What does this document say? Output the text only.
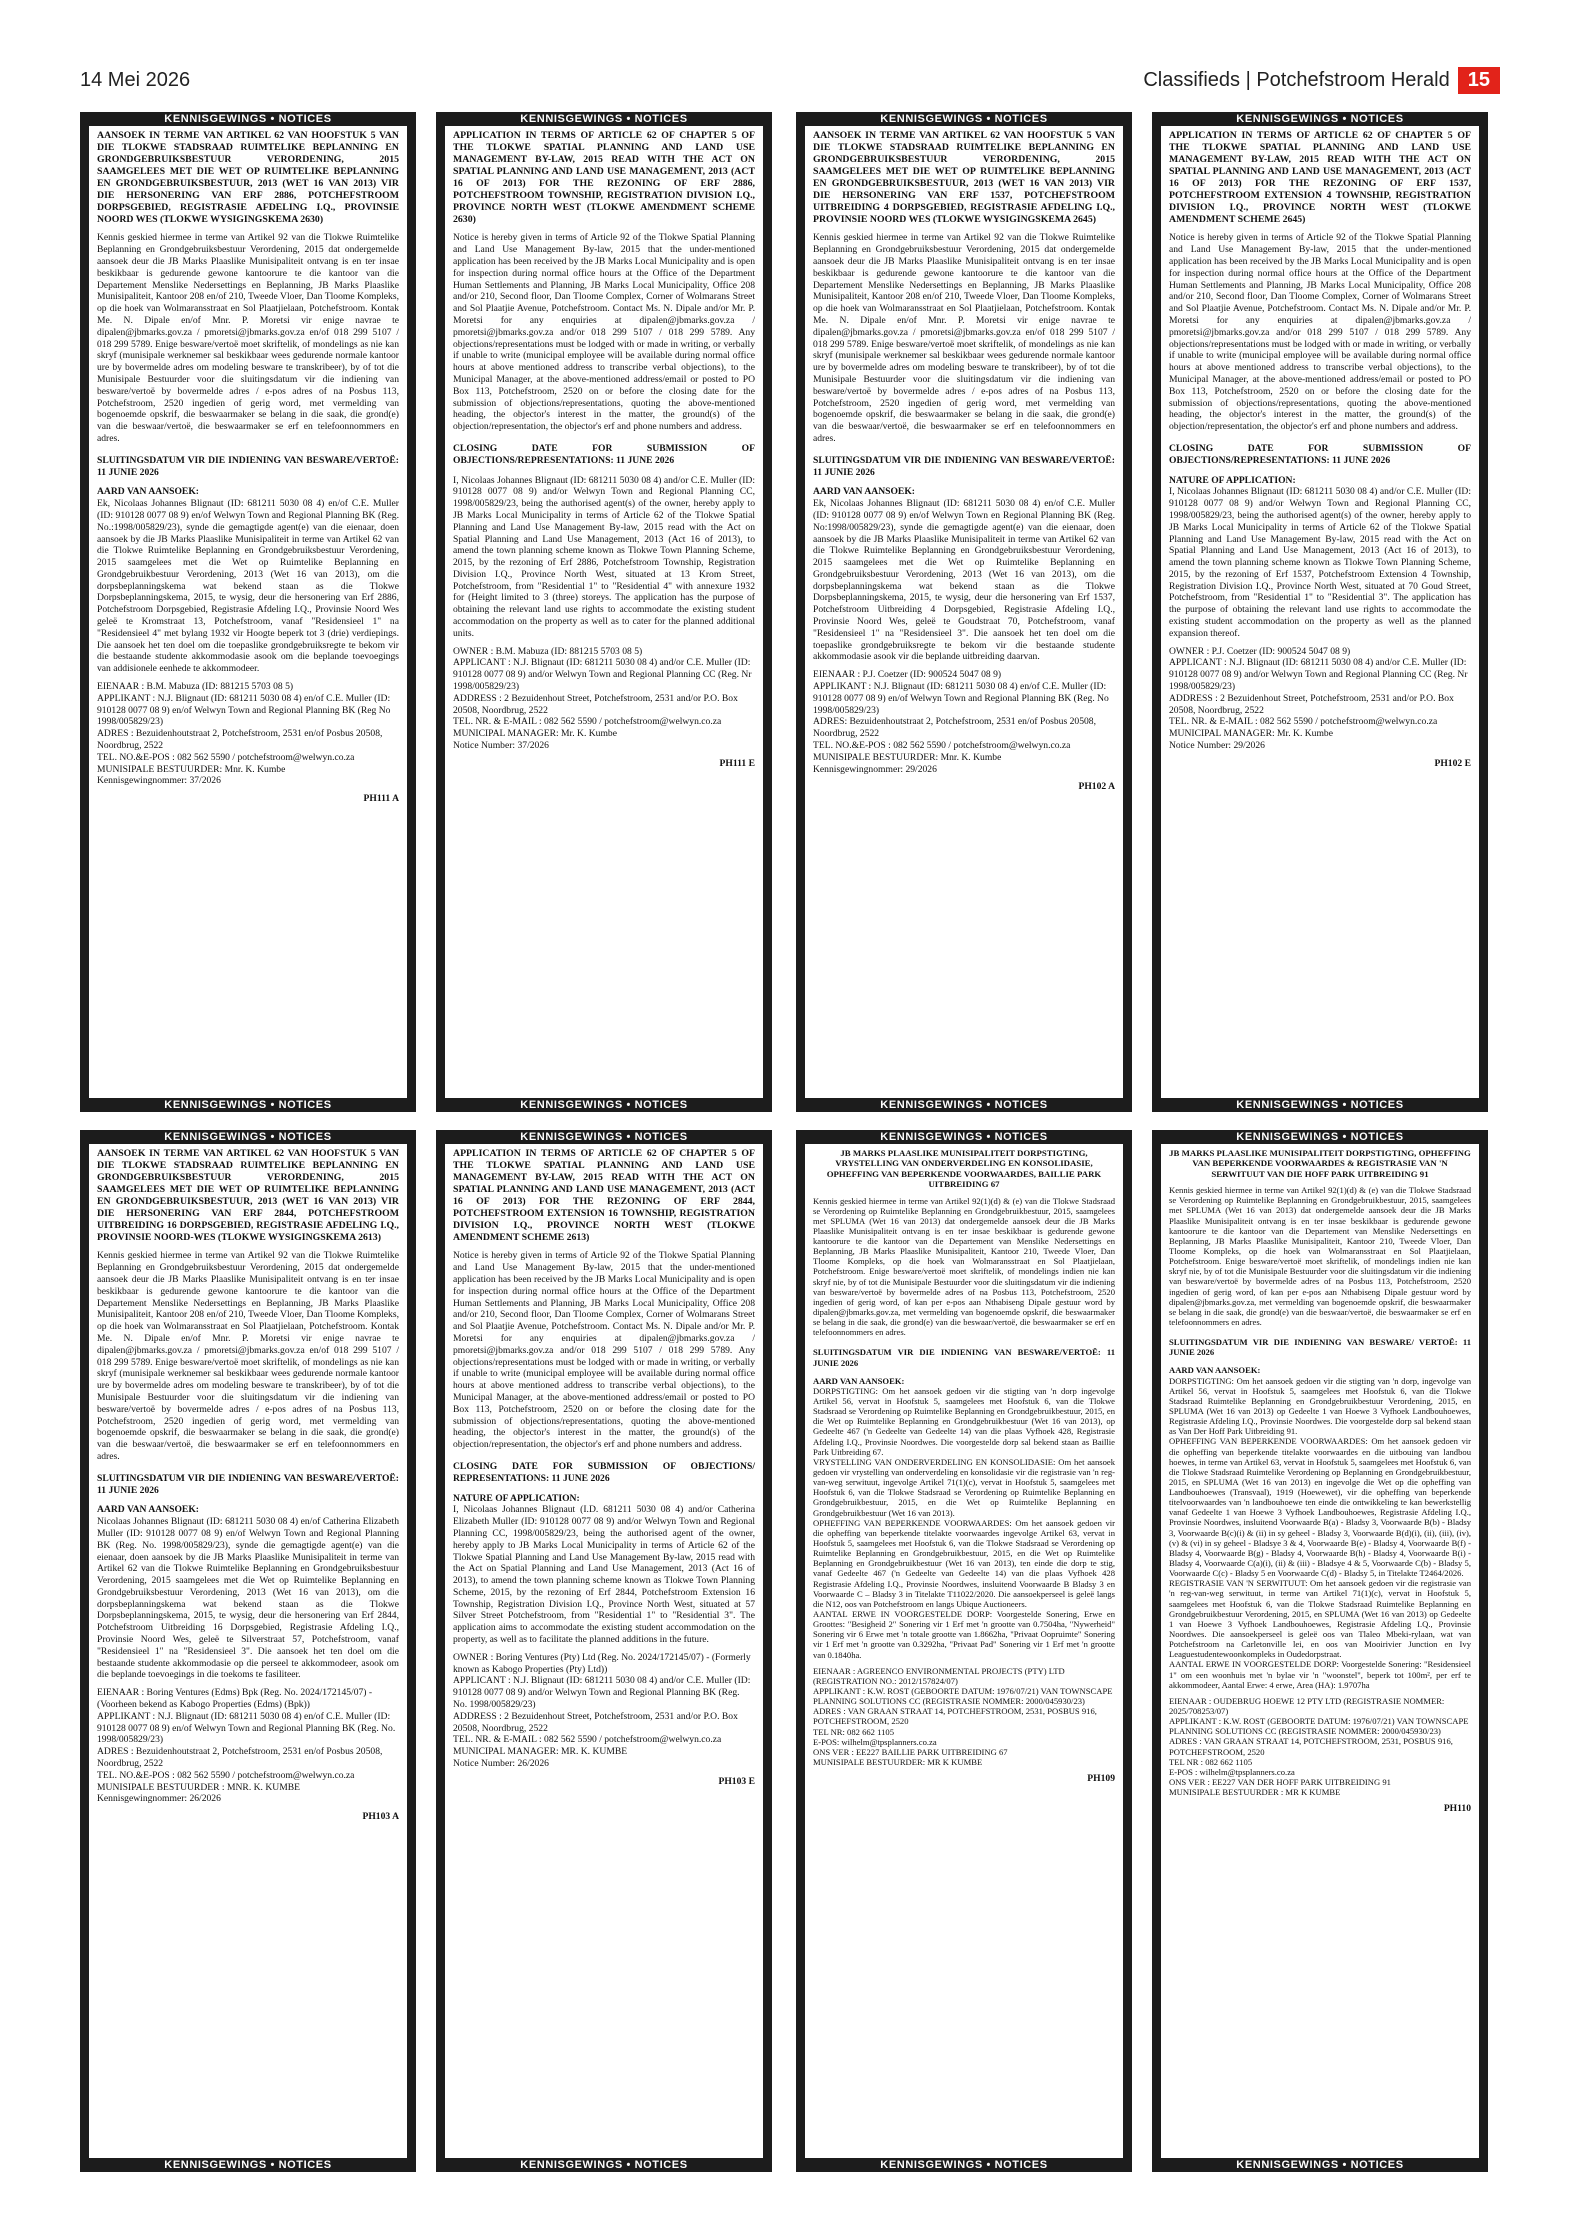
14 Mei 2026	Classifieds | Potchefstroom Herald 15
KENNISGEWINGS • NOTICES
AANSOEK IN TERME VAN ARTIKEL 62 VAN HOOFSTUK 5 VAN DIE TLOKWE STADSRAAD RUIMTELIKE BEPLANNING EN GRONDGEBRUIKSBESTUUR VERORDENING, 2015 SAAMGELEES MET DIE WET OP RUIMTELIKE BEPLANNING EN GRONDGEBRUIKSBESTUUR, 2013 (WET 16 VAN 2013) VIR DIE HERSONERING VAN ERF 2886, POTCHEFSTROOM DORPSGEBIED, REGISTRASIE AFDELING I.Q., PROVINSIE NOORD WES (TLOKWE WYSIGINGSKEMA 2630)
Kennis geskied hiermee in terme van Artikel 92 van die Tlokwe Ruimtelike Beplanning en Grondgebruiksbestuur Verordening, 2015 dat ondergemelde aansoek deur die JB Marks Plaaslike Munisipaliteit ontvang is en ter insae beskikbaar is gedurende gewone kantoorure te die kantoor van die Departement Menslike Nedersettings en Beplanning, JB Marks Plaaslike Munisipaliteit, Kantoor 208 en/of 210, Tweede Vloer, Dan Tloome Kompleks, op die hoek van Wolmaransstraat en Sol Plaatjielaan, Potchefstroom. Kontak Me. N. Dipale en/of Mnr. P. Moretsi vir enige navrae te dipalen@jbmarks.gov.za / pmoretsi@jbmarks.gov.za en/of 018 299 5107 / 018 299 5789. Enige besware/vertoë moet skriftelik, of mondelings as nie kan skryf (munisipale werknemer sal beskikbaar wees gedurende normale kantoor ure by bovermelde adres om modeling besware te transkribeer), by of tot die Munisipale Bestuurder voor die sluitingsdatum vir die indiening van besware/vertoë by bovermelde adres / e-pos adres of na Posbus 113, Potchefstroom, 2520 ingedien of gerig word, met vermelding van bogenoemde opskrif, die beswaarmaker se belang in die saak, die grond(e) van die beswaar/vertoë, die beswaarmaker se erf en telefoonnommers en adres.
SLUITINGSDATUM VIR DIE INDIENING VAN BESWARE/VERTOË: 11 JUNIE 2026
AARD VAN AANSOEK:
Ek, Nicolaas Johannes Blignaut (ID: 681211 5030 08 4) en/of C.E. Muller (ID: 910128 0077 08 9) en/of Welwyn Town and Regional Planning BK (Reg. No.:1998/005829/23), synde die gemagtigde agent(e) van die eienaar, doen aansoek by die JB Marks Plaaslike Munisipaliteit in terme van Artikel 62 van die Tlokwe Ruimtelike Beplanning en Grondgebruiksbestuur Verordening, 2015 saamgelees met die Wet op Ruimtelike Beplanning en Grondgebruikbestuur Verordening, 2013 (Wet 16 van 2013), om die dorpsbeplanningskema wat bekend staan as die Tlokwe Dorpsbeplanningskema, 2015, te wysig, deur die hersonering van Erf 2886, Potchefstroom Dorpsgebied, Registrasie Afdeling I.Q., Provinsie Noord Wes geleë te Kromstraat 13, Potchefstroom, vanaf "Residensieel 1" na "Residensieel 4" met bylang 1932 vir Hoogte beperk tot 3 (drie) verdiepings. Die aansoek het ten doel om die toepaslike grondgebruiksregte te bekom vir die bestaande studente akkommodasie asook om die beplande toevoegings van addisionele eenhede te akkommodeer.
EIENAAR : B.M. Mabuza (ID: 881215 5703 08 5)
APPLIKANT : N.J. Blignaut (ID: 681211 5030 08 4) en/of C.E. Muller (ID: 910128 0077 08 9) en/of Welwyn Town and Regional Planning BK (Reg No 1998/005829/23)
ADRES : Bezuidenhoutstraat 2, Potchefstroom, 2531 en/of Posbus 20508, Noordbrug, 2522
TEL. NO.&E-POS : 082 562 5590 / potchefstroom@welwyn.co.za
MUNISIPALE BESTUURDER: Mnr. K. Kumbe
Kennisgewingnommer: 37/2026
PH111 A
KENNISGEWINGS • NOTICES
KENNISGEWINGS • NOTICES
APPLICATION IN TERMS OF ARTICLE 62 OF CHAPTER 5 OF THE TLOKWE SPATIAL PLANNING AND LAND USE MANAGEMENT BY-LAW, 2015 READ WITH THE ACT ON SPATIAL PLANNING AND LAND USE MANAGEMENT, 2013 (ACT 16 OF 2013) FOR THE REZONING OF ERF 2886, POTCHEFSTROOM TOWNSHIP, REGISTRATION DIVISION I.Q., PROVINCE NORTH WEST (TLOKWE AMENDMENT SCHEME 2630)
Notice is hereby given in terms of Article 92 of the Tlokwe Spatial Planning and Land Use Management By-law, 2015 that the under-mentioned application has been received by the JB Marks Local Municipality and is open for inspection during normal office hours at the Office of the Department Human Settlements and Planning, JB Marks Local Municipality, Office 208 and/or 210, Second floor, Dan Tloome Complex, Corner of Wolmarans Street and Sol Plaatjie Avenue, Potchefstroom. Contact Ms. N. Dipale and/or Mr. P. Moretsi for any enquiries at dipalen@jbmarks.gov.za / pmoretsi@jbmarks.gov.za and/or 018 299 5107 / 018 299 5789. Any objections/representations must be lodged with or made in writing, or verbally if unable to write (municipal employee will be available during normal office hours at above mentioned address to transcribe verbal objections), to the Municipal Manager, at the above-mentioned address/email or posted to PO Box 113, Potchefstroom, 2520 on or before the closing date for the submission of objections/representations, quoting the above-mentioned heading, the objector's interest in the matter, the ground(s) of the objection/representation, the objector's erf and phone numbers and address.
CLOSING DATE FOR SUBMISSION OF OBJECTIONS/REPRESENTATIONS: 11 JUNE 2026
I, Nicolaas Johannes Blignaut (ID: 681211 5030 08 4) and/or C.E. Muller (ID: 910128 0077 08 9) and/or Welwyn Town and Regional Planning CC, 1998/005829/23, being the authorised agent(s) of the owner, hereby apply to JB Marks Local Municipality in terms of Article 62 of the Tlokwe Spatial Planning and Land Use Management By-law, 2015 read with the Act on Spatial Planning and Land Use Management, 2013 (Act 16 of 2013), to amend the town planning scheme known as Tlokwe Town Planning Scheme, 2015, by the rezoning of Erf 2886, Potchefstroom Township, Registration Division I.Q., Province North West, situated at 13 Krom Street, Potchefstroom, from "Residential 1" to "Residential 4" with annexure 1932 for (Height limited to 3 (three) storeys. The application has the purpose of obtaining the relevant land use rights to accommodate the existing student accommodation on the property as well as to cater for the planned additional units.
OWNER : B.M. Mabuza (ID: 881215 5703 08 5)
APPLICANT : N.J. Blignaut (ID: 681211 5030 08 4) and/or C.E. Muller (ID: 910128 0077 08 9) and/or Welwyn Town and Regional Planning CC (Reg. Nr 1998/005829/23)
ADDRESS : 2 Bezuidenhout Street, Potchefstroom, 2531 and/or P.O. Box 20508, Noordbrug, 2522
TEL. NR. & E-MAIL : 082 562 5590 / potchefstroom@welwyn.co.za
MUNICIPAL MANAGER: Mr. K. Kumbe
Notice Number: 37/2026
PH111 E
KENNISGEWINGS • NOTICES
KENNISGEWINGS • NOTICES
AANSOEK IN TERME VAN ARTIKEL 62 VAN HOOFSTUK 5 VAN DIE TLOKWE STADSRAAD RUIMTELIKE BEPLANNING EN GRONDGEBRUIKSBESTUUR VERORDENING, 2015 SAAMGELEES MET DIE WET OP RUIMTELIKE BEPLANNING EN GRONDGEBRUIKSBESTUUR, 2013 (WET 16 VAN 2013) VIR DIE HERSONERING VAN ERF 1537, POTCHEFSTROOM UITBREIDING 4 DORPSGEBIED, REGISTRASIE AFDELING I.Q., PROVINSIE NOORD WES (TLOKWE WYSIGINGSKEMA 2645)
Kennis geskied hiermee in terme van Artikel 92 van die Tlokwe Ruimtelike Beplanning en Grondgebruiksbestuur Verordening, 2015 dat ondergemelde aansoek deur die JB Marks Plaaslike Munisipaliteit ontvang is en ter insae beskikbaar is gedurende gewone kantoorure te die kantoor van die Departement Menslike Nedersettings en Beplanning, JB Marks Plaaslike Munisipaliteit, Kantoor 208 en/of 210, Tweede Vloer, Dan Tloome Kompleks, op die hoek van Wolmaransstraat en Sol Plaatjielaan, Potchefstroom. Kontak Me. N. Dipale en/of Mnr. P. Moretsi vir enige navrae te dipalen@jbmarks.gov.za / pmoretsi@jbmarks.gov.za en/of 018 299 5107 / 018 299 5789. Enige besware/vertoë moet skriftelik, of mondelings as nie kan skryf (munisipale werknemer sal beskikbaar wees gedurende normale kantoor ure by bovermelde adres om modeling besware te transkribeer), by of tot die Munisipale Bestuurder voor die sluitingsdatum vir die indiening van besware/vertoë by bovermelde adres / e-pos adres of na Posbus 113, Potchefstroom, 2520 ingedien of gerig word, met vermelding van bogenoemde opskrif, die beswaarmaker se belang in die saak, die grond(e) van die beswaar/vertoë, die beswaarmaker se erf en telefoonnommers en adres.
SLUITINGSDATUM VIR DIE INDIENING VAN BESWARE/VERTOË: 11 JUNIE 2026
AARD VAN AANSOEK:
Ek, Nicolaas Johannes Blignaut (ID: 681211 5030 08 4) en/of C.E. Muller (ID: 910128 0077 08 9) en/of Welwyn Town en Regional Planning BK (Reg. No:1998/005829/23), synde die gemagtigde agent(e) van die eienaar, doen aansoek by die JB Marks Plaaslike Munisipaliteit in terme van Artikel 62 van die Tlokwe Ruimtelike Beplanning en Grondgebruiksbestuur Verordening, 2015 saamgelees met die Wet op Ruimtelike Beplanning en Grondgebruiksbestuur Verordening, 2013 (Wet 16 van 2013), om die dorpsbeplanningskema wat bekend staan as die Tlokwe Dorpsbeplanningskema, 2015, te wysig, deur die hersonering van Erf 1537, Potchefstroom Uitbreiding 4 Dorpsgebied, Registrasie Afdeling I.Q., Provinsie Noord Wes, geleë te Goudstraat 70, Potchefstroom, vanaf "Residensieel 1" na "Residensieel 3". Die aansoek het ten doel om die toepaslike grondgebruiksregte te bekom vir die bestaande studente akkommodasie asook vir die beplande uitbreiding daarvan.
EIENAAR : P.J. Coetzer (ID: 900524 5047 08 9)
APPLIKANT : N.J. Blignaut (ID: 681211 5030 08 4) en/of C.E. Muller (ID: 910128 0077 08 9) en/of Welwyn Town and Regional Planning BK (Reg. No 1998/005829/23)
ADRES: Bezuidenhoutstraat 2, Potchefstroom, 2531 en/of Posbus 20508, Noordbrug, 2522
TEL. NO.&E-POS : 082 562 5590 / potchefstroom@welwyn.co.za
MUNISIPALE BESTUURDER: Mnr. K. Kumbe
Kennisgewingnommer: 29/2026
PH102 A
KENNISGEWINGS • NOTICES
KENNISGEWINGS • NOTICES
APPLICATION IN TERMS OF ARTICLE 62 OF CHAPTER 5 OF THE TLOKWE SPATIAL PLANNING AND LAND USE MANAGEMENT BY-LAW, 2015 READ WITH THE ACT ON SPATIAL PLANNING AND LAND USE MANAGEMENT, 2013 (ACT 16 OF 2013) FOR THE REZONING OF ERF 1537, POTCHEFSTROOM EXTENSION 4 TOWNSHIP, REGISTRATION DIVISION I.Q., PROVINCE NORTH WEST (TLOKWE AMENDMENT SCHEME 2645)
Notice is hereby given in terms of Article 92 of the Tlokwe Spatial Planning and Land Use Management By-law, 2015 that the under-mentioned application has been received by the JB Marks Local Municipality and is open for inspection during normal office hours at the Office of the Department Human Settlements and Planning, JB Marks Local Municipality, Office 208 and/or 210, Second floor, Dan Tloome Complex, Corner of Wolmarans Street and Sol Plaatjie Avenue, Potchefstroom. Contact Ms. N. Dipale and/or Mr. P. Moretsi for any enquiries at dipalen@jbmarks.gov.za / pmoretsi@jbmarks.gov.za and/or 018 299 5107 / 018 299 5789. Any objections/representations must be lodged with or made in writing, or verbally if unable to write (municipal employee will be available during normal office hours at above mentioned address to transcribe verbal objections), to the Municipal Manager, at the above-mentioned address/email or posted to PO Box 113, Potchefstroom, 2520 on or before the closing date for the submission of objections/representations, quoting the above-mentioned heading, the objector's interest in the matter, the ground(s) of the objection/representation, the objector's erf and phone numbers and address.
CLOSING DATE FOR SUBMISSION OF OBJECTIONS/REPRESENTATIONS: 11 JUNE 2026
NATURE OF APPLICATION:
I, Nicolaas Johannes Blignaut (ID: 681211 5030 08 4) and/or C.E. Muller (ID: 910128 0077 08 9) and/or Welwyn Town and Regional Planning CC, 1998/005829/23, being the authorised agent(s) of the owner, hereby apply to JB Marks Local Municipality in terms of Article 62 of the Tlokwe Spatial Planning and Land Use Management By-law, 2015 read with the Act on Spatial Planning and Land Use Management, 2013 (Act 16 of 2013), to amend the town planning scheme known as Tlokwe Town Planning Scheme, 2015, by the rezoning of Erf 1537, Potchefstroom Extension 4 Township, Registration Division I.Q., Province North West, situated at 70 Goud Street, Potchefstroom, from "Residential 1" to "Residential 3". The application has the purpose of obtaining the relevant land use rights to accommodate the existing student accommodation on the property as well as the planned expansion thereof.
OWNER : P.J. Coetzer (ID: 900524 5047 08 9)
APPLICANT : N.J. Blignaut (ID: 681211 5030 08 4) and/or C.E. Muller (ID: 910128 0077 08 9) and/or Welwyn Town and Regional Planning CC (Reg. Nr 1998/005829/23)
ADDRESS : 2 Bezuidenhout Street, Potchefstroom, 2531 and/or P.O. Box 20508, Noordbrug, 2522
TEL. NR. & E-MAIL : 082 562 5590 / potchefstroom@welwyn.co.za
MUNICIPAL MANAGER: Mr. K. Kumbe
Notice Number: 29/2026
PH102 E
KENNISGEWINGS • NOTICES
KENNISGEWINGS • NOTICES
AANSOEK IN TERME VAN ARTIKEL 62 VAN HOOFSTUK 5 VAN DIE TLOKWE STADSRAAD RUIMTELIKE BEPLANNING EN GRONDGEBRUIKSBESTUUR VERORDENING, 2015 SAAMGELEES MET DIE WET OP RUIMTELIKE BEPLANNING EN GRONDGEBRUIKSBESTUUR, 2013 (WET 16 VAN 2013) VIR DIE HERSONERING VAN ERF 2844, POTCHEFSTROOM UITBREIDING 16 DORPSGEBIED, REGISTRASIE AFDELING I.Q., PROVINSIE NOORD-WES (TLOKWE WYSIGINGSKEMA 2613)
Kennis geskied hiermee in terme van Artikel 92 van die Tlokwe Ruimtelike Beplanning en Grondgebruiksbestuur Verordening, 2015 dat ondergemelde aansoek deur die JB Marks Plaaslike Munisipaliteit ontvang is en ter insae beskikbaar is gedurende gewone kantoorure te die kantoor van die Departement Menslike Nedersettings en Beplanning, JB Marks Plaaslike Munisipaliteit, Kantoor 208 en/of 210, Tweede Vloer, Dan Tloome Kompleks, op die hoek van Wolmaransstraat en Sol Plaatjielaan, Potchefstroom. Kontak Me. N. Dipale en/of Mnr. P. Moretsi vir enige navrae te dipalen@jbmarks.gov.za / pmoretsi@jbmarks.gov.za en/of 018 299 5107 / 018 299 5789. Enige besware/vertoë moet skriftelik, of mondelings as nie kan skryf (munisipale werknemer sal beskikbaar wees gedurende normale kantoor ure by bovermelde adres om modeling besware te transkribeer), by of tot die Munisipale Bestuurder voor die sluitingsdatum vir die indiening van besware/vertoë by bovermelde adres / e-pos adres of na Posbus 113, Potchefstroom, 2520 ingedien of gerig word, met vermelding van bogenoemde opskrif, die beswaarmaker se belang in die saak, die grond(e) van die beswaar/vertoë, die beswaarmaker se erf en telefoonnommers en adres.
SLUITINGSDATUM VIR DIE INDIENING VAN BESWARE/VERTOË: 11 JUNIE 2026
AARD VAN AANSOEK:
Nicolaas Johannes Blignaut (ID: 681211 5030 08 4) en/of Catherina Elizabeth Muller (ID: 910128 0077 08 9) en/of Welwyn Town and Regional Planning BK (Reg. No. 1998/005829/23), synde die gemagtigde agent(e) van die eienaar, doen aansoek by die JB Marks Plaaslike Munisipaliteit in terme van Artikel 62 van die Tlokwe Ruimtelike Beplanning en Grondgebruiksbestuur Verordening, 2015 saamgelees met die Wet op Ruimtelike Beplanning en Grondgebruiksbestuur Verordening, 2013 (Wet 16 van 2013), om die dorpsbeplanningskema wat bekend staan as die Tlokwe Dorpsbeplanningskema, 2015, te wysig, deur die hersonering van Erf 2844, Potchefstroom Uitbreiding 16 Dorpsgebied, Registrasie Afdeling I.Q., Provinsie Noord Wes, geleë te Silverstraat 57, Potchefstroom, vanaf "Residensieel 1" na "Residensieel 3". Die aansoek het ten doel om die bestaande studente akkommodasie op die perseel te akkommodeer, asook om die beplande toevoegings in die toekoms te fasiliteer.
EIENAAR : Boring Ventures (Edms) Bpk (Reg. No. 2024/172145/07) - (Voorheen bekend as Kabogo Properties (Edms) (Bpk))
APPLIKANT : N.J. Blignaut (ID: 681211 5030 08 4) en/of C.E. Muller (ID: 910128 0077 08 9) en/of Welwyn Town and Regional Planning BK (Reg. No. 1998/005829/23)
ADRES : Bezuidenhoutstraat 2, Potchefstroom, 2531 en/of Posbus 20508, Noordbrug, 2522
TEL. NO.&E-POS : 082 562 5590 / potchefstroom@welwyn.co.za
MUNISIPALE BESTUURDER : MNR. K. KUMBE
Kennisgewingnommer: 26/2026
PH103 A
KENNISGEWINGS • NOTICES
KENNISGEWINGS • NOTICES
APPLICATION IN TERMS OF ARTICLE 62 OF CHAPTER 5 OF THE TLOKWE SPATIAL PLANNING AND LAND USE MANAGEMENT BY-LAW, 2015 READ WITH THE ACT ON SPATIAL PLANNING AND LAND USE MANAGEMENT, 2013 (ACT 16 OF 2013) FOR THE REZONING OF ERF 2844, POTCHEFSTROOM EXTENSION 16 TOWNSHIP, REGISTRATION DIVISION I.Q., PROVINCE NORTH WEST (TLOKWE AMENDMENT SCHEME 2613)
Notice is hereby given in terms of Article 92 of the Tlokwe Spatial Planning and Land Use Management By-law, 2015 that the under-mentioned application has been received by the JB Marks Local Municipality and is open for inspection during normal office hours at the Office of the Department Human Settlements and Planning, JB Marks Local Municipality, Office 208 and/or 210, Second floor, Dan Tloome Complex, Corner of Wolmarans Street and Sol Plaatjie Avenue, Potchefstroom. Contact Ms. N. Dipale and/or Mr. P. Moretsi for any enquiries at dipalen@jbmarks.gov.za / pmoretsi@jbmarks.gov.za and/or 018 299 5107 / 018 299 5789. Any objections/representations must be lodged with or made in writing, or verbally if unable to write (municipal employee will be available during normal office hours at above mentioned address to transcribe verbal objections), to the Municipal Manager, at the above-mentioned address/email or posted to PO Box 113, Potchefstroom, 2520 on or before the closing date for the submission of objections/representations, quoting the above-mentioned heading, the objector's interest in the matter, the ground(s) of the objection/representation, the objector's erf and phone numbers and address.
CLOSING DATE FOR SUBMISSION OF OBJECTIONS/ REPRESENTATIONS: 11 JUNE 2026
NATURE OF APPLICATION:
I, Nicolaas Johannes Blignaut (I.D. 681211 5030 08 4) and/or Catherina Elizabeth Muller (ID: 910128 0077 08 9) and/or Welwyn Town and Regional Planning CC, 1998/005829/23, being the authorised agent of the owner, hereby apply to JB Marks Local Municipality in terms of Article 62 of the Tlokwe Spatial Planning and Land Use Management By-law, 2015 read with the Act on Spatial Planning and Land Use Management, 2013 (Act 16 of 2013), to amend the town planning scheme known as Tlokwe Town Planning Scheme, 2015, by the rezoning of Erf 2844, Potchefstroom Extension 16 Township, Registration Division I.Q., Province North West, situated at 57 Silver Street Potchefstroom, from "Residential 1" to "Residential 3". The application aims to accommodate the existing student accommodation on the property, as well as to facilitate the planned additions in the future.
OWNER : Boring Ventures (Pty) Ltd (Reg. No. 2024/172145/07) - (Formerly known as Kabogo Properties (Pty) Ltd))
APPLICANT : N.J. Blignaut (ID: 681211 5030 08 4) and/or C.E. Muller (ID: 910128 0077 08 9) and/or Welwyn Town and Regional Planning BK (Reg. No. 1998/005829/23)
ADDRESS : 2 Bezuidenhout Street, Potchefstroom, 2531 and/or P.O. Box 20508, Noordbrug, 2522
TEL. NR. & E-MAIL : 082 562 5590 / potchefstroom@welwyn.co.za
MUNICIPAL MANAGER: MR. K. KUMBE
Notice Number: 26/2026
PH103 E
KENNISGEWINGS • NOTICES
KENNISGEWINGS • NOTICES
JB MARKS PLAASLIKE MUNISIPALITEIT DORPSTIGTING, VRYSTELLING VAN ONDERVERDELING EN KONSOLIDASIE, OPHEFFING VAN BEPERKENDE VOORWAARDES, BAILLIE PARK UITBREIDING 67
Kennis geskied hiermee in terme van Artikel 92(1)(d) & (e) van die Tlokwe Stadsraad se Verordening op Ruimtelike Beplanning en Grondgebruikbestuur, 2015, saamgelees met SPLUMA (Wet 16 van 2013) dat ondergemelde aansoek deur die JB Marks Plaaslike Munisipaliteit ontvang is en ter insae beskikbaar is gedurende gewone kantoorure te die kantoor van die Departement van Menslike Nedersettings en Beplanning, JB Marks Plaaslike Munisipaliteit, Kantoor 210, Tweede Vloer, Dan Tloome Kompleks, op die hoek van Wolmaransstraat en Sol Plaatjielaan, Potchefstroom. Enige besware/vertoë moet skriftelik, of mondelings indien nie kan skryf nie, by of tot die Munisipale Bestuurder voor die sluitingsdatum vir die indiening van besware/vertoë by bovermelde adres of na Posbus 113, Potchefstroom, 2520 ingedien of gerig word, of kan per e-pos aan Nthabiseng Dipale gestuur word by dipalen@jbmarks.gov.za, met vermelding van bogenoemde opskrif, die beswaarmaker se belang in die saak, die grond(e) van die beswaar/vertoë, die beswaarmaker se erf en telefoonnommers en adres.
SLUITINGSDATUM VIR DIE INDIENING VAN BESWARE/VERTOË: 11 JUNIE 2026
AARD VAN AANSOEK:
DORPSTIGTING: Om het aansoek gedoen vir die stigting van 'n dorp ingevolge Artikel 56, vervat in Hoofstuk 5, saamgelees met Hoofstuk 6, van die Tlokwe Stadsraad se Verordening op Ruimtelike Beplanning en Grondgebruikbestuur, 2015, en die Wet op Ruimtelike Beplanning en Grondgebruikbestuur (Wet 16 van 2013), op Gedeelte 467 ('n Gedeelte van Gedeelte 14) van die plaas Vyfhoek 428, Registrasie Afdeling I.Q., Provinsie Noordwes. Die voorgestelde dorp sal bekend staan as Baillie Park Uitbreiding 67.
VRYSTELLING VAN ONDERVERDELING EN KONSOLIDASIE: Om het aansoek gedoen vir vrystelling van onderverdeling en konsolidasie vir die registrasie van 'n reg-van-weg serwituut, ingevolge Artikel 71(1)(c), vervat in Hoofstuk 5, saamgelees met Hoofstuk 6, van die Tlokwe Stadsraad se Verordening op Ruimtelike Beplanning en Grondgebruikbestuur, 2015, en die Wet op Ruimtelike Beplanning en Grondgebruikbestuur (Wet 16 van 2013).
OPHEFFING VAN BEPERKENDE VOORWAARDES: Om het aansoek gedoen vir die opheffing van beperkende titelakte voorwaardes ingevolge Artikel 63, vervat in Hoofstuk 5, saamgelees met Hoofstuk 6, van die Tlokwe Stadsraad se Verordening op Ruimtelike Beplanning en Grondgebruikbestuur, 2015, en die Wet op Ruimtelike Beplanning en Grondgebruikbestuur (Wet 16 van 2013), ten einde die dorp te stig, vanaf Gedeelte 467 ('n Gedeelte van Gedeelte 14) van die plaas Vyfhoek 428 Registrasie Afdeling I.Q., Provinsie Noordwes, insluitend Voorwaarde B Bladsy 3 en Voorwaarde C – Bladsy 3 in Titelakte T11022/2020. Die aansoekperseel is geleë langs die N12, oos van Potchefstroom en langs Ubique Auctioneers.
AANTAL ERWE IN VOORGESTELDE DORP: Voorgestelde Sonering, Erwe en Groottes: "Besigheid 2" Sonering vir 1 Erf met 'n grootte van 0.7504ha, "Nywerheid" Sonering vir 6 Erwe met 'n totale grootte van 1.8662ha, "Privaat Oopruimte" Sonering vir 1 Erf met 'n grootte van 0.3292ha, "Privaat Pad" Sonering vir 1 Erf met 'n grootte van 0.1840ha.
EIENAAR : AGREENCO ENVIRONMENTAL PROJECTS (PTY) LTD (REGISTRATION NO.: 2012/157824/07)
APPLIKANT : K.W. ROST (GEBOORTE DATUM: 1976/07/21) VAN TOWNSCAPE PLANNING SOLUTIONS CC (REGISTRASIE NOMMER: 2000/045930/23)
ADRES : VAN GRAAN STRAAT 14, POTCHEFSTROOM, 2531, POSBUS 916, POTCHEFSTROOM, 2520
TEL NR: 082 662 1105
E-POS: wilhelm@tpsplanners.co.za
ONS VER : EE227 BAILLIE PARK UITBREIDING 67
MUNISIPALE BESTUURDER: MR K KUMBE
PH109
KENNISGEWINGS • NOTICES
KENNISGEWINGS • NOTICES
JB MARKS PLAASLIKE MUNISIPALITEIT DORPSTIGTING, OPHEFFING VAN BEPERKENDE VOORWAARDES & REGISTRASIE VAN 'N SERWITUUT VAN DIE HOFF PARK UITBREIDING 91
Kennis geskied hiermee in terme van Artikel 92(1)(d) & (e) van die Tlokwe Stadsraad se Verordening op Ruimtelike Beplanning en Grondgebruikbestuur, 2015, saamgelees met SPLUMA (Wet 16 van 2013) dat ondergemelde aansoek deur die JB Marks Plaaslike Munisipaliteit ontvang is en ter insae beskikbaar is gedurende gewone kantoorure te die kantoor van die Departement van Menslike Nedersettings en Beplanning, JB Marks Plaaslike Munisipaliteit, Kantoor 210, Tweede Vloer, Dan Tloome Kompleks, op die hoek van Wolmaransstraat en Sol Plaatjielaan, Potchefstroom. Enige besware/vertoë moet skriftelik, of mondelings indien nie kan skryf nie, by of tot die Munisipale Bestuurder voor die sluitingsdatum vir die indiening van besware/vertoë by bovermelde adres of na Posbus 113, Potchefstroom, 2520 ingedien of gerig word, of kan per e-pos aan Nthabiseng Dipale gestuur word by dipalen@jbmarks.gov.za, met vermelding van bogenoemde opskrif, die beswaarmaker se belang in die saak, die grond(e) van die beswaar/vertoë, die beswaarmaker se erf en telefoonnommers en adres.
SLUITINGSDATUM VIR DIE INDIENING VAN BESWARE/ VERTOË: 11 JUNIE 2026
AARD VAN AANSOEK:
DORPSTIGTING: Om het aansoek gedoen vir die stigting van 'n dorp, ingevolge van Artikel 56, vervat in Hoofstuk 5, saamgelees met Hoofstuk 6, van die Tlokwe Stadsraad Ruimtelike Beplanning en Grondgebruikbestuur Verordening, 2015, en SPLUMA (Wet 16 van 2013) op Gedeelte 1 van Hoewe 3 Vyfhoek Landbouhoewes, Registrasie Afdeling I.Q., Provinsie Noordwes. Die voorgestelde dorp sal bekend staan as Van Der Hoff Park Uitbreiding 91.
OPHEFFING VAN BEPERKENDE VOORWAARDES: Om het aansoek gedoen vir die opheffing van beperkende titelakte voorwaardes en die uitbouing van landbou hoewes, in terme van Artikel 63, vervat in Hoofstuk 5, saamgelees met Hoofstuk 6, van die Tlokwe Stadsraad Ruimtelike Verordening op Beplanning en Grondgebruikbestuur, 2015, en SPLUMA (Wet 16 van 2013) en ingevolge die Wet op die opheffing van Landbouhoewes (Transvaal), 1919 (Hoewewet), vir die opheffing van beperkende titelvoorwaardes van 'n landbouhoewe ten einde die ontwikkeling te kan bewerkstellig vanaf Gedeelte 1 van Hoewe 3 Vyfhoek Landbouhoewes, Registrasie Afdeling I.Q., Provinsie Noordwes, insluitend Voorwaarde B(a) - Bladsy 3, Voorwaarde B(b) - Bladsy 3, Voorwaarde B(c)(i) & (ii) in sy geheel - Bladsy 3, Voorwaarde B(d)(i), (ii), (iii), (iv), (v) & (vi) in sy geheel - Bladsye 3 & 4, Voorwaarde B(e) - Bladsy 4, Voorwaarde B(f) - Bladsy 4, Voorwaarde B(g) - Bladsy 4, Voorwaarde B(h) - Bladsy 4, Voorwaarde B(i) - Bladsy 4, Voorwaarde C(a)(i), (ii) & (iii) - Bladsye 4 & 5, Voorwaarde C(b) - Bladsy 5, Voorwaarde C(c) - Bladsy 5 en Voorwaarde C(d) - Bladsy 5, in Titelakte T2464/2026.
REGISTRASIE VAN 'N SERWITUUT: Om het aansoek gedoen vir die registrasie van 'n reg-van-weg serwituut, in terme van Artikel 71(1)(c), vervat in Hoofstuk 5, saamgelees met Hoofstuk 6, van die Tlokwe Stadsraad Ruimtelike Beplanning en Grondgebruikbestuur Verordening, 2015, en SPLUMA (Wet 16 van 2013) op Gedeelte 1 van Hoewe 3 Vyfhoek Landbouhoewes, Registrasie Afdeling I.Q., Provinsie Noordwes. Die aansoekperseel is geleë oos van Tlaleo Mbeki-rylaan, wat van Potchefstroom na Carletonville lei, en oos van Mooirivier Junction en Ivy Leaguestudentewoonkompleks in Oudedorpstraat.
AANTAL ERWE IN VOORGESTELDE DORP: Voorgestelde Sonering: "Residensieel 1" om een woonhuis met 'n bylae vir 'n "woonstel", beperk tot 100m², per erf te akkommodeer, Aantal Erwe: 4 erwe, Area (HA): 1.9707ha
EIENAAR : OUDEBRUG HOEWE 12 PTY LTD (REGISTRASIE NOMMER: 2025/708253/07)
APPLIKANT : K.W. ROST (GEBOORTE DATUM: 1976/07/21) VAN TOWNSCAPE PLANNING SOLUTIONS CC (REGISTRASIE NOMMER: 2000/045930/23)
ADRES : VAN GRAAN STRAAT 14, POTCHEFSTROOM, 2531, POSBUS 916, POTCHEFSTROOM, 2520
TEL NR : 082 662 1105
E-POS : wilhelm@tpsplanners.co.za
ONS VER : EE227 VAN DER HOFF PARK UITBREIDING 91
MUNISIPALE BESTUURDER : MR K KUMBE
PH110
KENNISGEWINGS • NOTICES
